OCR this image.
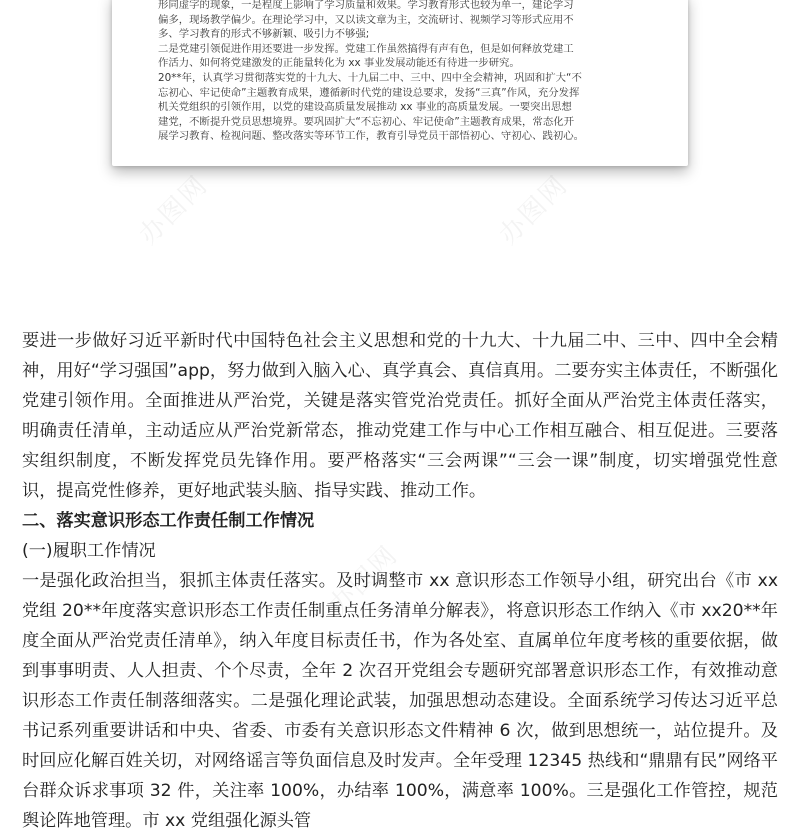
办图网	办图网
办图网

形同虚字的现象，一是程度上影响了学习质量和效果。学习教育形式也较为单一，建论学习

偏多，现场教学偏少。在理论学习中，又以读文章为主，交流研讨、视频学习等形式应用不

多、学习教育的形式不够新颖、吸引力不够强;

二是党建引领促进作用还要进一步发挥。党建工作虽然搞得有声有色，但是如何释放党建工

作活力、如何将党建激发的正能量转化为 xx 事业发展动能还有待进一步研究。

20**年，认真学习贯彻落实党的十九大、十九届二中、三中、四中全会精神，巩固和扩大“不

忘初心、牢记使命”主题教育成果，遵循新时代党的建设总要求，发扬“三真”作风，充分发挥

机关党组织的引领作用，以党的建设高质量发展推动 xx 事业的高质量发展。一要突出思想

建党，不断提升党员思想境界。要巩固扩大“不忘初心、牢记使命”主题教育成果，常态化开

展学习教育、检视问题、整改落实等环节工作，教育引导党员干部悟初心、守初心、践初心。

要进一步做好习近平新时代中国特色社会主义思想和党的十九大、十九届二中、三中、四中全会精神，用好“学习强国”app，努力做到入脑入心、真学真会、真信真用。二要夯实主体责任，不断强化党建引领作用。全面推进从严治党，关键是落实管党治党责任。抓好全面从严治党主体责任落实，明确责任清单，主动适应从严治党新常态，推动党建工作与中心工作相互融合、相互促进。三要落实组织制度，不断发挥党员先锋作用。要严格落实“三会两课”“三会一课”制度，切实增强党性意识，提高党性修养，更好地武装头脑、指导实践、推动工作。

二、落实意识形态工作责任制工作情况

(一)履职工作情况

一是强化政治担当，狠抓主体责任落实。及时调整市 xx 意识形态工作领导小组，研究出台《市 xx 党组 20**年度落实意识形态工作责任制重点任务清单分解表》，将意识形态工作纳入《市 xx20**年度全面从严治党责任清单》，纳入年度目标责任书，作为各处室、直属单位年度考核的重要依据，做到事事明责、人人担责、个个尽责，全年 2 次召开党组会专题研究部署意识形态工作，有效推动意识形态工作责任制落细落实。二是强化理论武装，加强思想动态建设。全面系统学习传达习近平总书记系列重要讲话和中央、省委、市委有关意识形态文件精神 6 次，做到思想统一，站位提升。及时回应化解百姓关切，对网络谣言等负面信息及时发声。全年受理 12345 热线和“鼎鼎有民”网络平台群众诉求事项 32 件，关注率 100%，办结率 100%，满意率 100%。三是强化工作管控，规范舆论阵地管理。市 xx 党组强化源头管
